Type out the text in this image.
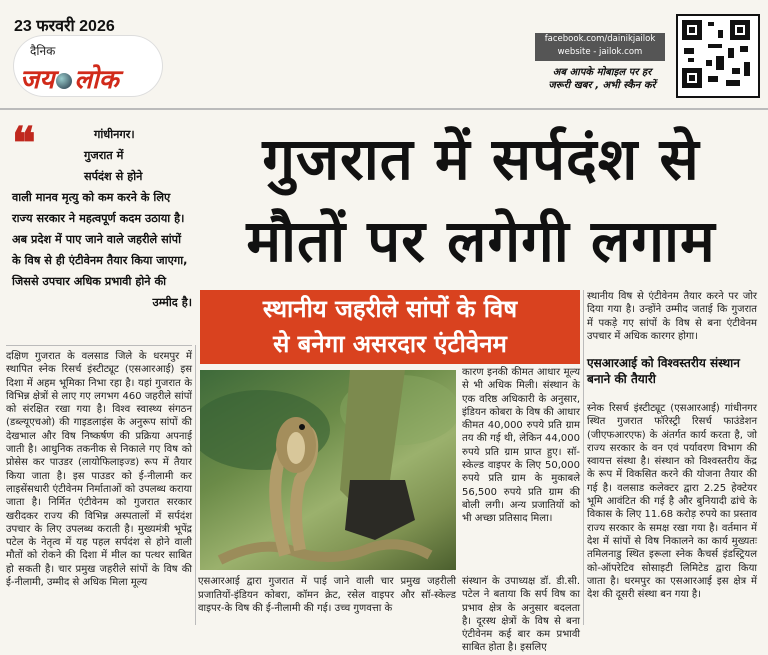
23 फरवरी 2026
दैनिक
जय लोक
facebook.com/dainikjailok
website - jailok.com
अब आपके मोबाइल पर हर
जरूरी खबर , अभी स्कैन करें
❝	गांधीनगर।
गुजरात में
सर्पदंश से होने
वाली मानव मृत्यु को कम करने के लिए राज्य सरकार ने महत्वपूर्ण कदम उठाया है। अब प्रदेश में पाए जाने वाले जहरीले सांपों के विष से ही एंटीवेनम तैयार किया जाएगा, जिससे उपचार अधिक प्रभावी होने की
उम्मीद है।
गुजरात में सर्पदंश से
मौतों पर लगेगी लगाम
स्थानीय जहरीले सांपों के विष
से बनेगा असरदार एंटीवेनम
दक्षिण गुजरात के वलसाड जिले के धरमपुर में स्थापित स्नेक रिसर्च इंस्टीट्यूट (एसआरआई) इस दिशा में अहम भूमिका निभा रहा है। यहां गुजरात के विभिन्न क्षेत्रों से लाए गए लगभग 460 जहरीले सांपों को संरक्षित रखा गया है। विश्व स्वास्थ्य संगठन (डब्ल्यूएचओ) की गाइडलाइंस के अनुरूप सांपों की देखभाल और विष निष्कर्षण की प्रक्रिया अपनाई जाती है। आधुनिक तकनीक से निकाले गए विष को प्रोसेस कर पाउडर (लायोफिलाइज्ड) रूप में तैयार किया जाता है। इस पाउडर को ई-नीलामी कर लाइसेंसधारी एंटीवेनम निर्माताओं को उपलब्ध कराया जाता है। निर्मित एंटीवेनम को गुजरात सरकार खरीदकर राज्य की विभिन्न अस्पतालों में सर्पदंश उपचार के लिए उपलब्ध कराती है। मुख्यमंत्री भूपेंद्र पटेल के नेतृत्व में यह पहल सर्पदंश से होने वाली मौतों को रोकने की दिशा में मील का पत्थर साबित हो सकती है। चार प्रमुख जहरीले सांपों के विष की ई-नीलामी, उम्मीद से अधिक मिला मूल्य
कारण इनकी कीमत आधार मूल्य से भी अधिक मिली। संस्थान के एक वरिष्ठ अधिकारी के अनुसार, इंडियन कोबरा के विष की आधार कीमत 40,000 रुपये प्रति ग्राम तय की गई थी, लेकिन 44,000 रुपये प्रति ग्राम प्राप्त हुए। सॉ-स्केल्ड वाइपर के लिए 50,000 रुपये प्रति ग्राम के मुकाबले 56,500 रुपये प्रति ग्राम की बोली लगी। अन्य प्रजातियों को भी अच्छा प्रतिसाद मिला।
एसआरआई द्वारा गुजरात में पाई जाने वाली चार प्रमुख जहरीली प्रजातियों-इंडियन कोबरा, कॉमन क्रेट, रसेल वाइपर और सॉ-स्केल्ड वाइपर-के विष की ई-नीलामी की गई। उच्च गुणवत्ता के
संस्थान के उपाध्यक्ष डॉ. डी.सी. पटेल ने बताया कि सर्प विष का प्रभाव क्षेत्र के अनुसार बदलता है। दूरस्थ क्षेत्रों के विष से बना एंटीवेनम कई बार कम प्रभावी साबित होता है। इसलिए
स्थानीय विष से एंटीवेनम तैयार करने पर जोर दिया गया है। उन्होंने उम्मीद जताई कि गुजरात में पकड़े गए सांपों के विष से बना एंटीवेनम उपचार में अधिक कारगर होगा।
एसआरआई को विश्वस्तरीय संस्थान बनाने की तैयारी
स्नेक रिसर्च इंस्टीट्यूट (एसआरआई) गांधीनगर स्थित गुजरात फॉरेस्ट्री रिसर्च फाउंडेशन (जीएफआरएफ) के अंतर्गत कार्य करता है, जो राज्य सरकार के वन एवं पर्यावरण विभाग की स्वायत्त संस्था है। संस्थान को विश्वस्तरीय केंद्र के रूप में विकसित करने की योजना तैयार की गई है। वलसाड कलेक्टर द्वारा 2.25 हेक्टेयर भूमि आवंटित की गई है और बुनियादी ढांचे के विकास के लिए 11.68 करोड़ रुपये का प्रस्ताव राज्य सरकार के समक्ष रखा गया है। वर्तमान में देश में सांपों से विष निकालने का कार्य मुख्यतः तमिलनाडु स्थित इरूला स्नेक कैचर्स इंडस्ट्रियल को-ऑपरेटिव सोसाइटी लिमिटेड द्वारा किया जाता है। धरमपुर का एसआरआई इस क्षेत्र में देश की दूसरी संस्था बन गया है।
